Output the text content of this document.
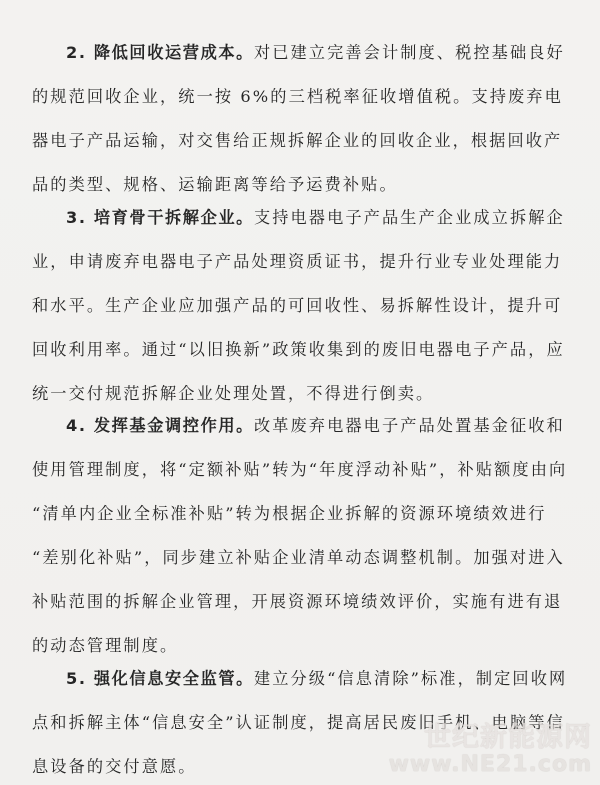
2. 降低回收运营成本。对已建立完善会计制度、税控基础良好
的规范回收企业，统一按 6%的三档税率征收增值税。支持废弃电
器电子产品运输，对交售给正规拆解企业的回收企业，根据回收产
品的类型、规格、运输距离等给予运费补贴。
3. 培育骨干拆解企业。支持电器电子产品生产企业成立拆解企
业，申请废弃电器电子产品处理资质证书，提升行业专业处理能力
和水平。生产企业应加强产品的可回收性、易拆解性设计，提升可
回收利用率。通过“以旧换新”政策收集到的废旧电器电子产品，应
统一交付规范拆解企业处理处置，不得进行倒卖。
4. 发挥基金调控作用。改革废弃电器电子产品处置基金征收和
使用管理制度，将“定额补贴”转为“年度浮动补贴”，补贴额度由向
“清单内企业全标准补贴”转为根据企业拆解的资源环境绩效进行
“差别化补贴”，同步建立补贴企业清单动态调整机制。加强对进入
补贴范围的拆解企业管理，开展资源环境绩效评价，实施有进有退
的动态管理制度。
5. 强化信息安全监管。建立分级“信息清除”标准，制定回收网
点和拆解主体“信息安全”认证制度，提高居民废旧手机、电脑等信
息设备的交付意愿。
世纪新能源网
www.NE21.com
